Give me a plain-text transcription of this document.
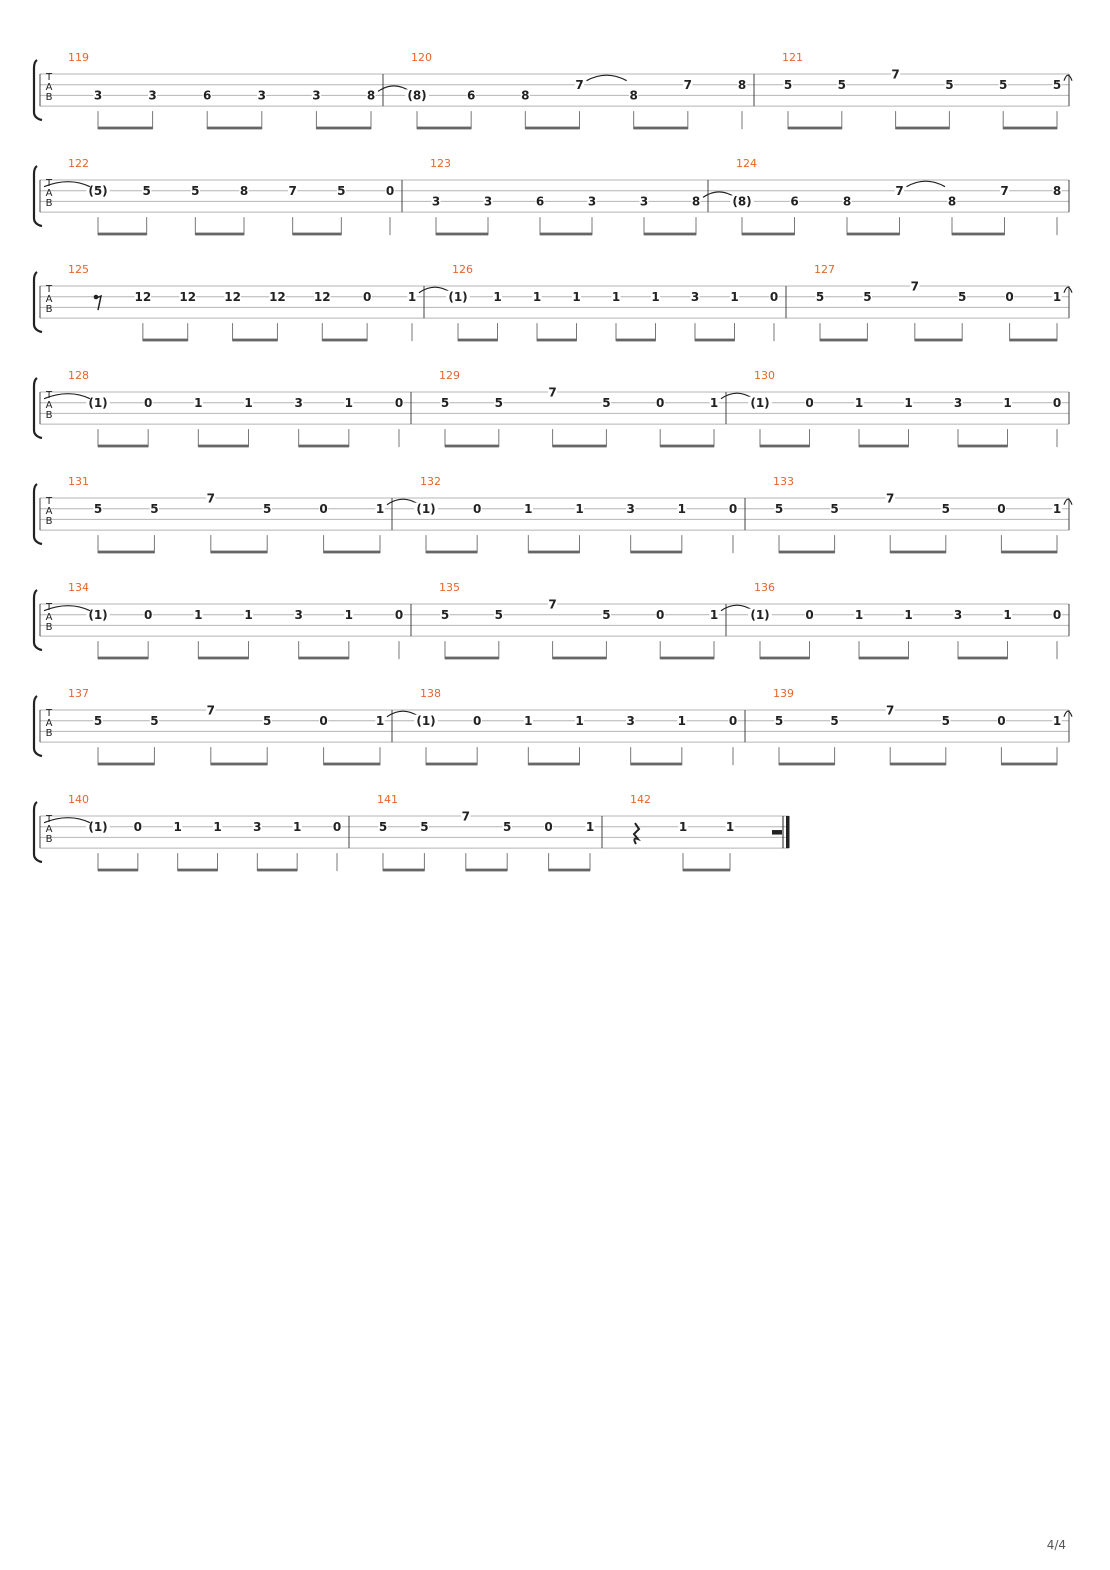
T
A
B
119
3	3	6	3	3	8
120
(8)	6	8
7
8
7	8
121
5	5
7
5	5	5
T
A
B
122
(5)	5	5	8	7	5	0
123
3	3	6	3	3	8
124
(8)	6	8
7
8
7	8
T
A
B
125
12 12 12 12 12	0	1
126
(1) 1	1	1	1	1	3	1	0
127
5	5
7
5	0	1
T
A
B
128
(1)	0	1	1	3	1	0
129
5	5
7
5	0	1
130
(1)	0	1	1	3	1	0
T
A
B
131
5	5
7
5	0	1
132
(1)	0	1	1	3	1	0
133
5	5
7
5	0	1
T
A
B
134
(1)	0	1	1	3	1	0
135
5	5
7
5	0	1
136
(1)	0	1	1	3	1	0
T
A
B
137
5	5
7
5	0	1
138
(1)	0	1	1	3	1	0
139
5	5
7
5	0	1
T
A
B
140
(1) 0	1	1	3	1	0
141
5	5
7
5	0	1
142
1	1
4/4
